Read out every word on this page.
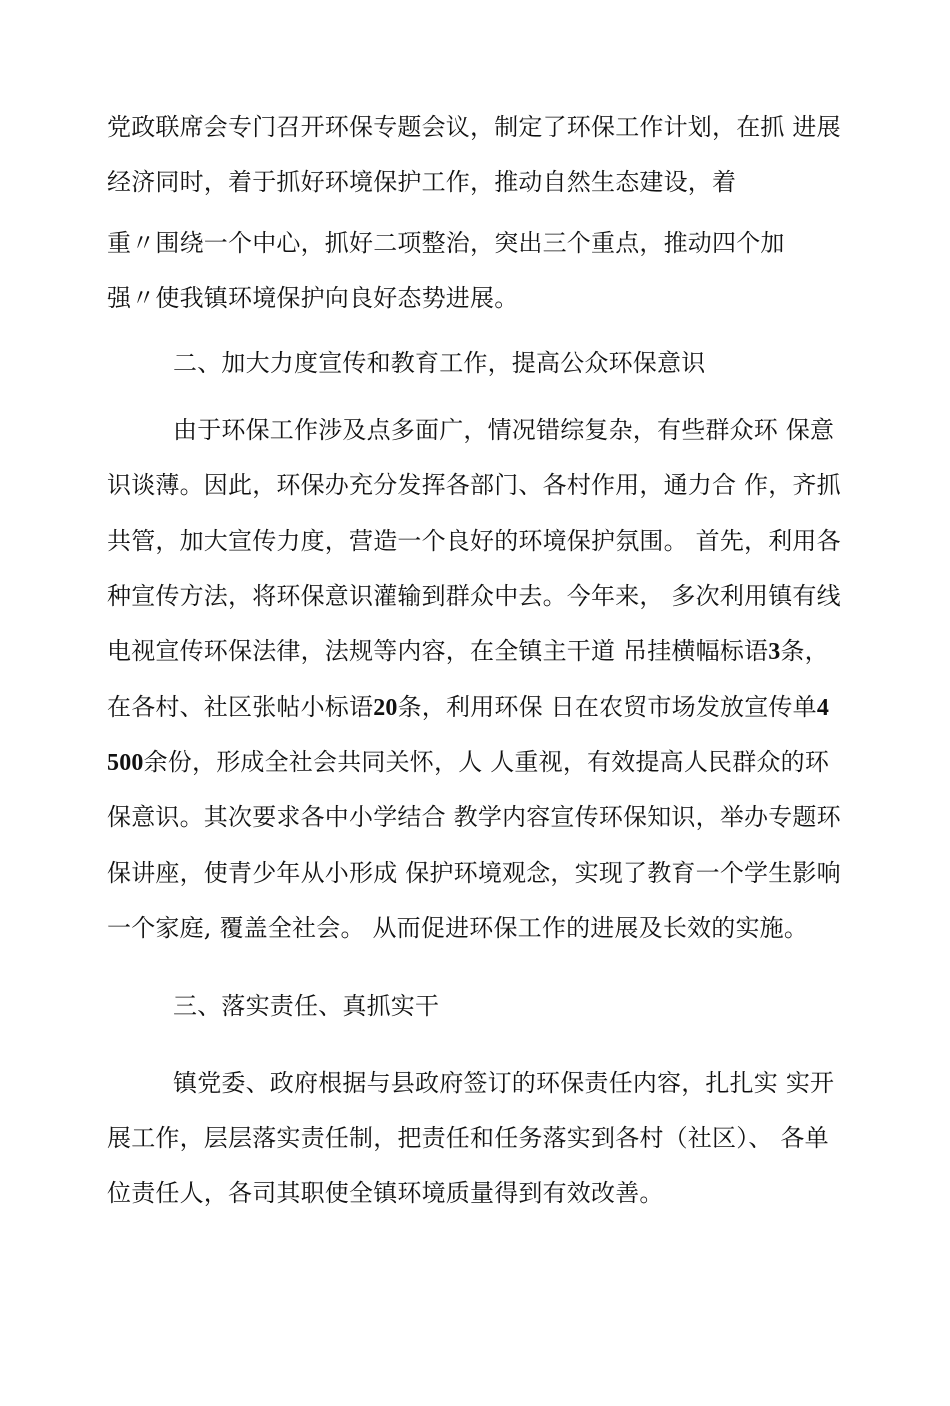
党政联席会专门召开环保专题会议，制定了环保工作计划，在抓 进展
经济同时，着于抓好环境保护工作，推动自然生态建设，着
重〃围绕一个中心，抓好二项整治，突出三个重点，推动四个加
强〃使我镇环境保护向良好态势进展。
二、加大力度宣传和教育工作，提高公众环保意识
由于环保工作涉及点多面广，情况错综复杂，有些群众环 保意
识谈薄。因此，环保办充分发挥各部门、各村作用，通力合 作，齐抓
共管，加大宣传力度，营造一个良好的环境保护氛围。 首先，利用各
种宣传方法，将环保意识灌输到群众中去。今年来， 多次利用镇有线
电视宣传环保法律，法规等内容，在全镇主干道 吊挂横幅标语3条，
在各村、社区张帖小标语20条，利用环保 日在农贸市场发放宣传单4
500余份，形成全社会共同关怀，人 人重视，有效提高人民群众的环
保意识。其次要求各中小学结合 教学内容宣传环保知识，举办专题环
保讲座，使青少年从小形成 保护环境观念，实现了教育一个学生影响
一个家庭, 覆盖全社会。 从而促进环保工作的进展及长效的实施。
三、落实责任、真抓实干
镇党委、政府根据与县政府签订的环保责任内容，扎扎实 实开
展工作，层层落实责任制，把责任和任务落实到各村（社区）、 各单
位责任人，各司其职使全镇环境质量得到有效改善。
